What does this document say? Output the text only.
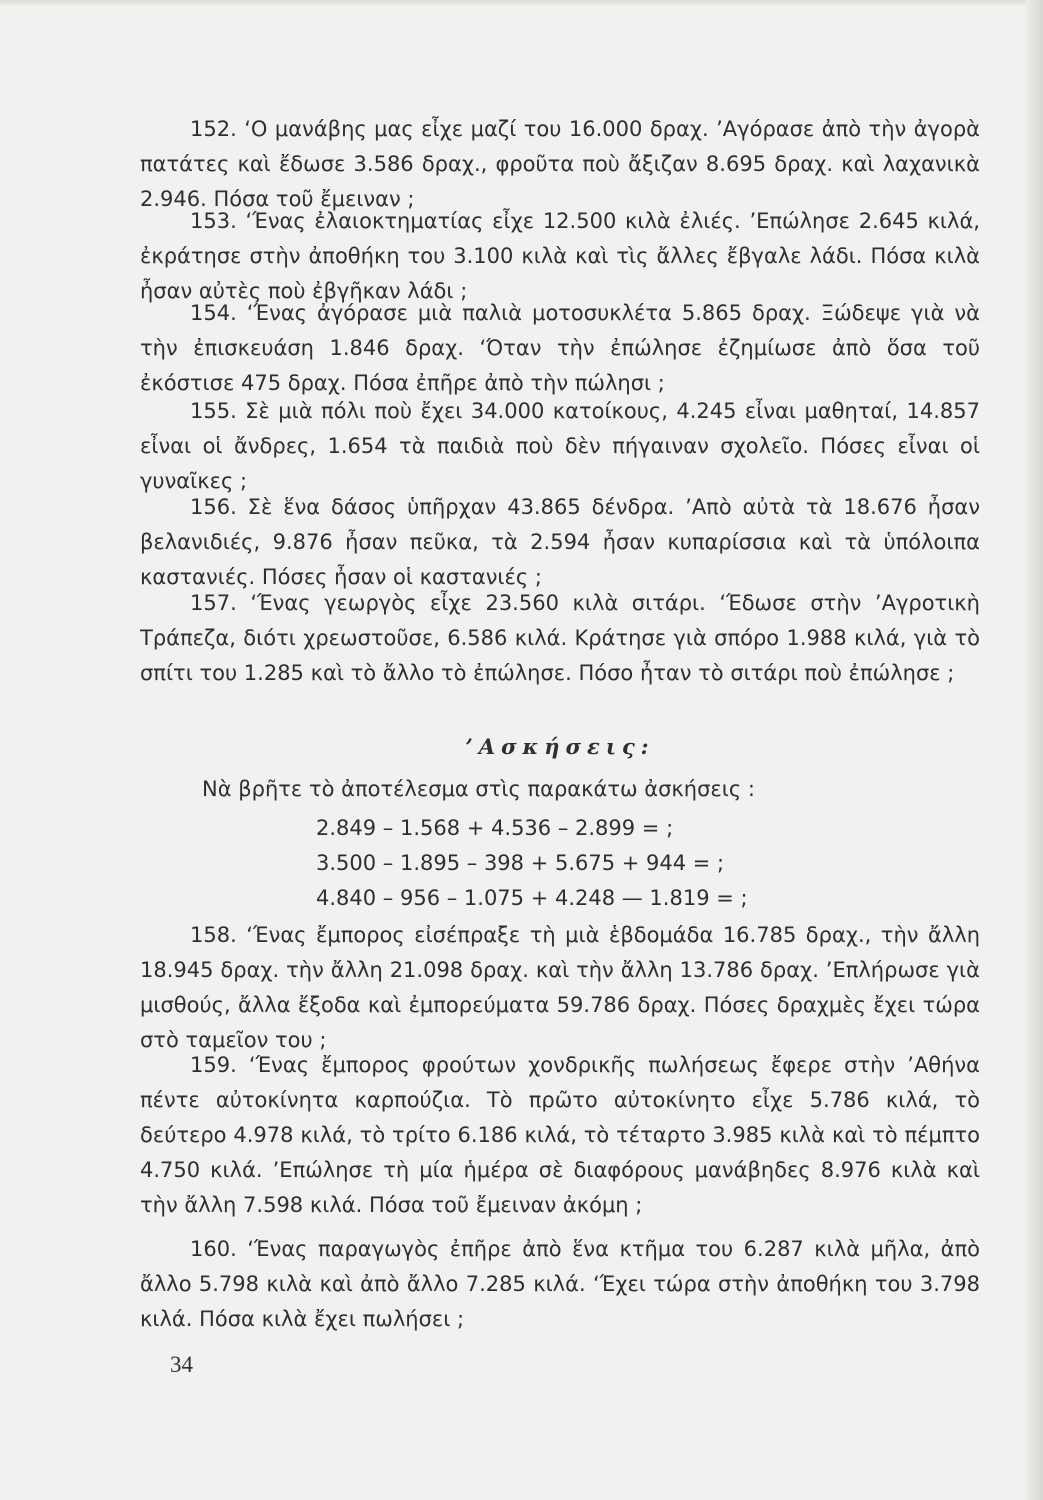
152. ‘Ο μανάβης μας εἶχε μαζί του 16.000 δραχ. ’Αγόρασε ἀπὸ τὴν ἀγορὰ πατάτες καὶ ἔδωσε 3.586 δραχ., φροῦτα ποὺ ἄξιζαν 8.695 δραχ. καὶ λαχανικὰ 2.946. Πόσα τοῦ ἔμειναν ;

153. ‘Ένας ἐλαιοκτηματίας εἶχε 12.500 κιλὰ ἐλιές. ’Επώλησε 2.645 κιλά, ἐκράτησε στὴν ἀποθήκη του 3.100 κιλὰ καὶ τὶς ἄλλες ἔβγαλε λάδι. Πόσα κιλὰ ἦσαν αὐτὲς ποὺ ἐβγῆκαν λάδι ;

154. ‘Ένας ἀγόρασε μιὰ παλιὰ μοτοσυκλέτα 5.865 δραχ. Ξώδεψε γιὰ νὰ τὴν ἐπισκευάση 1.846 δραχ. ‘Όταν τὴν ἐπώλησε ἐζημίωσε ἀπὸ ὅσα τοῦ ἐκόστισε 475 δραχ. Πόσα ἐπῆρε ἀπὸ τὴν πώλησι ;

155. Σὲ μιὰ πόλι ποὺ ἔχει 34.000 κατοίκους, 4.245 εἶναι μαθηταί, 14.857 εἶναι οἱ ἄνδρες, 1.654 τὰ παιδιὰ ποὺ δὲν πήγαιναν σχολεῖο. Πόσες εἶναι οἱ γυναῖκες ;

156. Σὲ ἕνα δάσος ὑπῆρχαν 43.865 δένδρα. ’Απὸ αὐτὰ τὰ 18.676 ἦσαν βελανιδιές, 9.876 ἦσαν πεῦκα, τὰ 2.594 ἦσαν κυπαρίσσια καὶ τὰ ὑπόλοιπα καστανιές. Πόσες ἦσαν οἱ καστανιές ;

157. ‘Ένας γεωργὸς εἶχε 23.560 κιλὰ σιτάρι. ‘Έδωσε στὴν ’Αγροτικὴ Τράπεζα, διότι χρεωστοῦσε, 6.586 κιλά. Κράτησε γιὰ σπόρο 1.988 κιλά, γιὰ τὸ σπίτι του 1.285 καὶ τὸ ἄλλο τὸ ἐπώλησε. Πόσο ἦταν τὸ σιτάρι ποὺ ἐπώλησε ;

’Ασκήσεις:

Νὰ βρῆτε τὸ ἀποτέλεσμα στὶς παρακάτω ἀσκήσεις :

2.849 – 1.568 + 4.536 – 2.899 = ;

3.500 – 1.895 – 398 + 5.675 + 944 = ;

4.840 – 956 – 1.075 + 4.248 — 1.819 = ;

158. ‘Ένας ἔμπορος εἰσέπραξε τὴ μιὰ ἑβδομάδα 16.785 δραχ., τὴν ἄλλη 18.945 δραχ. τὴν ἄλλη 21.098 δραχ. καὶ τὴν ἄλλη 13.786 δραχ. ’Επλήρωσε γιὰ μισθούς, ἄλλα ἔξοδα καὶ ἐμπορεύματα 59.786 δραχ. Πόσες δραχμὲς ἔχει τώρα στὸ ταμεῖον του ;

159. ‘Ένας ἔμπορος φρούτων χονδρικῆς πωλήσεως ἔφερε στὴν ’Αθήνα πέντε αὐτοκίνητα καρπούζια. Τὸ πρῶτο αὐτοκίνητο εἶχε 5.786 κιλά, τὸ δεύτερο 4.978 κιλά, τὸ τρίτο 6.186 κιλά, τὸ τέταρτο 3.985 κιλὰ καὶ τὸ πέμπτο 4.750 κιλά. ’Επώλησε τὴ μία ἡμέρα σὲ διαφόρους μανάβηδες 8.976 κιλὰ καὶ τὴν ἄλλη 7.598 κιλά. Πόσα τοῦ ἔμειναν ἀκόμη ;

160. ‘Ένας παραγωγὸς ἐπῆρε ἀπὸ ἕνα κτῆμα του 6.287 κιλὰ μῆλα, ἀπὸ ἄλλο 5.798 κιλὰ καὶ ἀπὸ ἄλλο 7.285 κιλά. ‘Έχει τώρα στὴν ἀποθήκη του 3.798 κιλά. Πόσα κιλὰ ἔχει πωλήσει ;

34
